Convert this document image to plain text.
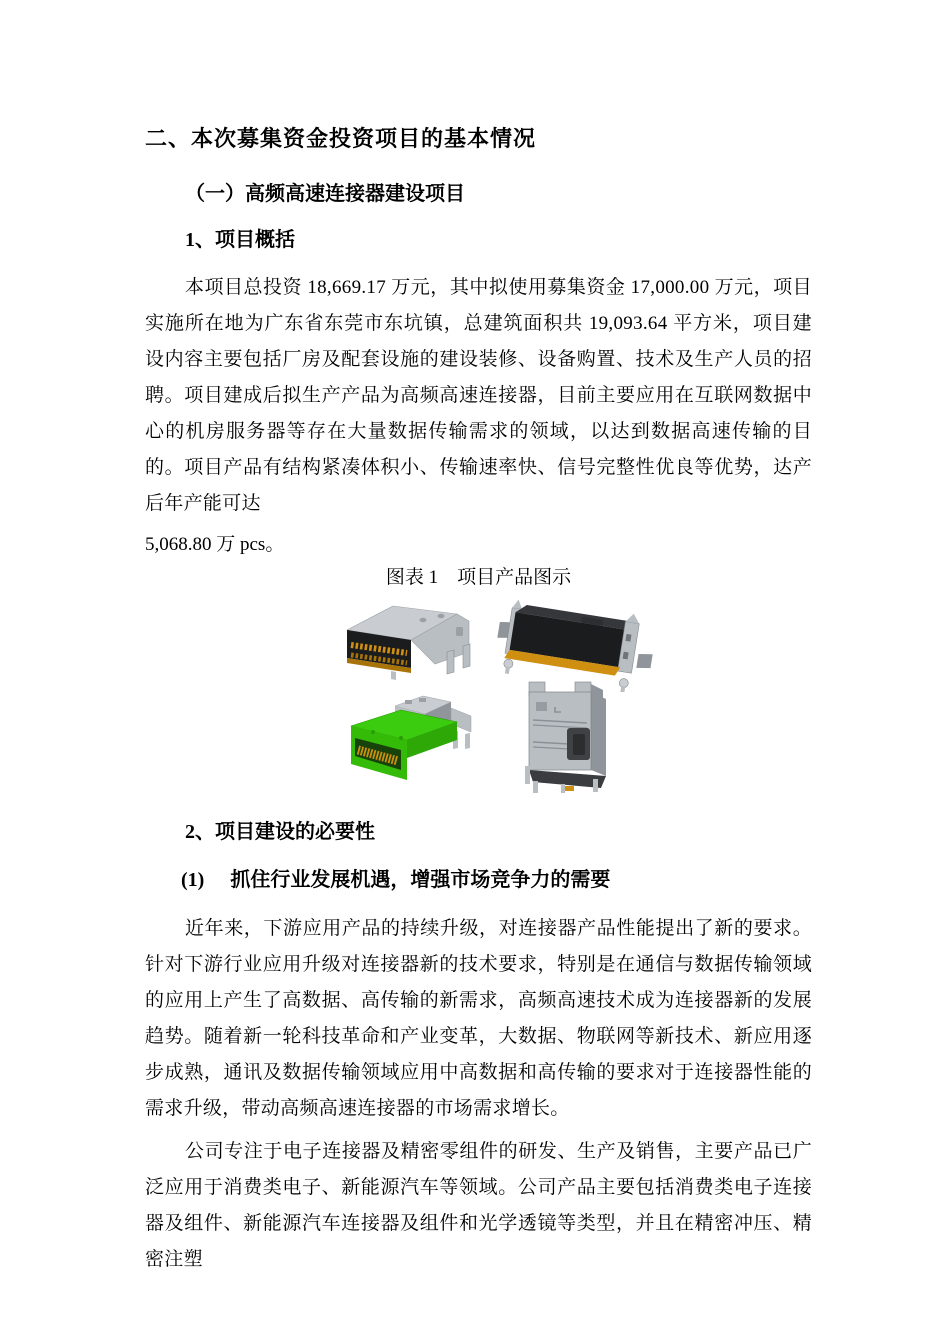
二、本次募集资金投资项目的基本情况
（一）高频高速连接器建设项目
1、项目概括

本项目总投资 18,669.17 万元，其中拟使用募集资金 17,000.00 万元，项目实施所在地为广东省东莞市东坑镇，总建筑面积共 19,093.64 平方米，项目建设内容主要包括厂房及配套设施的建设装修、设备购置、技术及生产人员的招聘。项目建成后拟生产产品为高频高速连接器，目前主要应用在互联网数据中心的机房服务器等存在大量数据传输需求的领域，以达到数据高速传输的目的。项目产品有结构紧凑体积小、传输速率快、信号完整性优良等优势，达产后年产能可达

5,068.80 万 pcs。

图表 1　项目产品图示
2、项目建设的必要性
(1) 抓住行业发展机遇，增强市场竞争力的需要

近年来，下游应用产品的持续升级，对连接器产品性能提出了新的要求。针对下游行业应用升级对连接器新的技术要求，特别是在通信与数据传输领域的应用上产生了高数据、高传输的新需求，高频高速技术成为连接器新的发展趋势。随着新一轮科技革命和产业变革，大数据、物联网等新技术、新应用逐步成熟，通讯及数据传输领域应用中高数据和高传输的要求对于连接器性能的需求升级，带动高频高速连接器的市场需求增长。

公司专注于电子连接器及精密零组件的研发、生产及销售，主要产品已广泛应用于消费类电子、新能源汽车等领域。公司产品主要包括消费类电子连接器及组件、新能源汽车连接器及组件和光学透镜等类型，并且在精密冲压、精密注塑
